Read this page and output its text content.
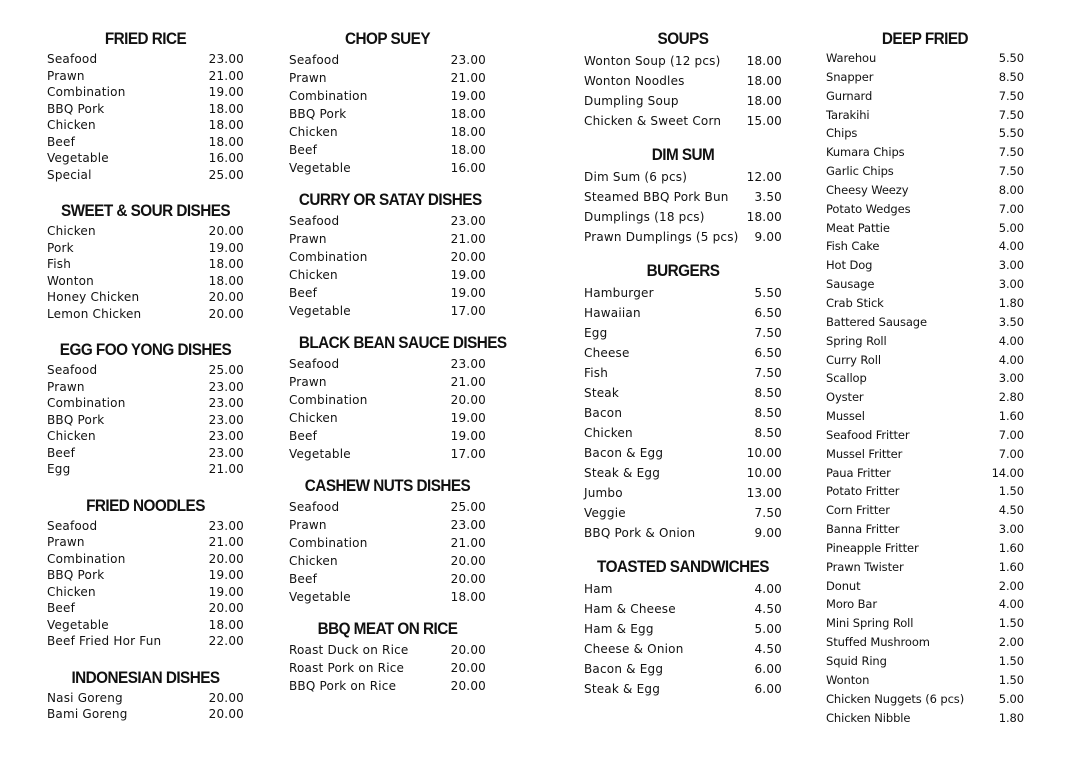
FRIED RICE
Seafood	23.00
Prawn	21.00
Combination	19.00
BBQ Pork	18.00
Chicken	18.00
Beef	18.00
Vegetable	16.00
Special	25.00
SWEET & SOUR DISHES
Chicken	20.00
Pork	19.00
Fish	18.00
Wonton	18.00
Honey Chicken	20.00
Lemon Chicken	20.00
EGG FOO YONG DISHES
Seafood	25.00
Prawn	23.00
Combination	23.00
BBQ Pork	23.00
Chicken	23.00
Beef	23.00
Egg	21.00
FRIED NOODLES
Seafood	23.00
Prawn	21.00
Combination	20.00
BBQ Pork	19.00
Chicken	19.00
Beef	20.00
Vegetable	18.00
Beef Fried Hor Fun	22.00
INDONESIAN DISHES
Nasi Goreng	20.00
Bami Goreng	20.00
CHOP SUEY
Seafood	23.00
Prawn	21.00
Combination	19.00
BBQ Pork	18.00
Chicken	18.00
Beef	18.00
Vegetable	16.00
CURRY OR SATAY DISHES
Seafood	23.00
Prawn	21.00
Combination	20.00
Chicken	19.00
Beef	19.00
Vegetable	17.00
BLACK BEAN SAUCE DISHES
Seafood	23.00
Prawn	21.00
Combination	20.00
Chicken	19.00
Beef	19.00
Vegetable	17.00
CASHEW NUTS DISHES
Seafood	25.00
Prawn	23.00
Combination	21.00
Chicken	20.00
Beef	20.00
Vegetable	18.00
BBQ MEAT ON RICE
Roast Duck on Rice	20.00
Roast Pork on Rice	20.00
BBQ Pork on Rice	20.00
SOUPS
Wonton Soup (12 pcs) 18.00
Wonton Noodles	18.00
Dumpling Soup	18.00
Chicken & Sweet Corn 15.00
DIM SUM
Dim Sum (6 pcs)	12.00
Steamed BBQ Pork Bun 3.50
Dumplings (18 pcs)	18.00
Prawn Dumplings (5 pcs) 9.00
BURGERS
Hamburger	5.50
Hawaiian	6.50
Egg	7.50
Cheese	6.50
Fish	7.50
Steak	8.50
Bacon	8.50
Chicken	8.50
Bacon & Egg	10.00
Steak & Egg	10.00
Jumbo	13.00
Veggie	7.50
BBQ Pork & Onion	9.00
TOASTED SANDWICHES
Ham	4.00
Ham & Cheese	4.50
Ham & Egg	5.00
Cheese & Onion	4.50
Bacon & Egg	6.00
Steak & Egg	6.00
DEEP FRIED
Warehou	5.50
Snapper	8.50
Gurnard	7.50
Tarakihi	7.50
Chips	5.50
Kumara Chips	7.50
Garlic Chips	7.50
Cheesy Weezy	8.00
Potato Wedges	7.00
Meat Pattie	5.00
Fish Cake	4.00
Hot Dog	3.00
Sausage	3.00
Crab Stick	1.80
Battered Sausage	3.50
Spring Roll	4.00
Curry Roll	4.00
Scallop	3.00
Oyster	2.80
Mussel	1.60
Seafood Fritter	7.00
Mussel Fritter	7.00
Paua Fritter	14.00
Potato Fritter	1.50
Corn Fritter	4.50
Banna Fritter	3.00
Pineapple Fritter	1.60
Prawn Twister	1.60
Donut	2.00
Moro Bar	4.00
Mini Spring Roll	1.50
Stuffed Mushroom	2.00
Squid Ring	1.50
Wonton	1.50
Chicken Nuggets (6 pcs)	5.00
Chicken Nibble	1.80
